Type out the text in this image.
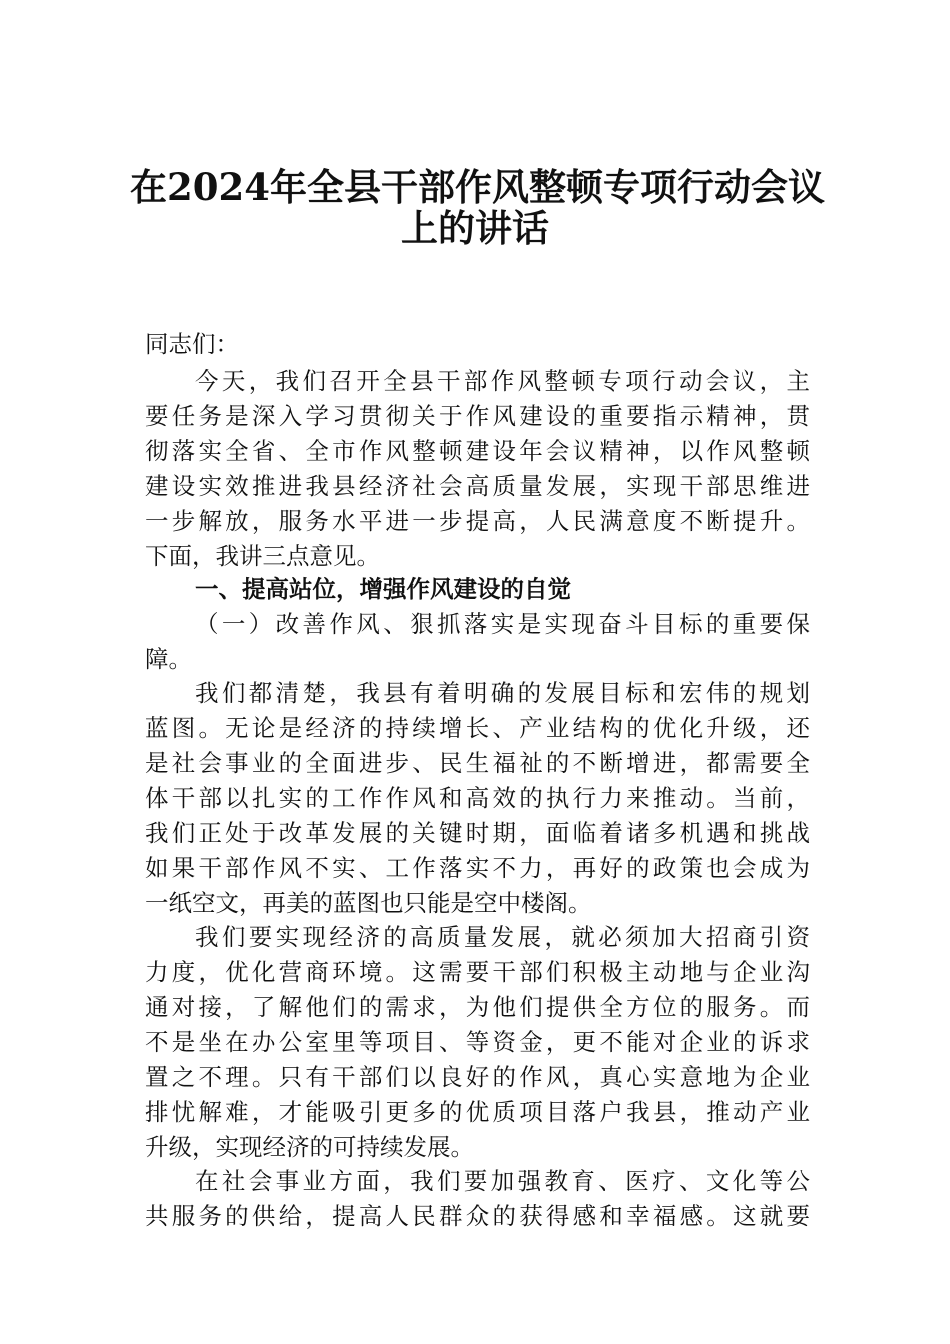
在2024年全县干部作风整顿专项行动会议
上的讲话
同志们：
今天，我们召开全县干部作风整顿专项行动会议，主
要任务是深入学习贯彻关于作风建设的重要指示精神，贯
彻落实全省、全市作风整顿建设年会议精神，以作风整顿
建设实效推进我县经济社会高质量发展，实现干部思维进
一步解放，服务水平进一步提高，人民满意度不断提升。
下面，我讲三点意见。
一、提高站位，增强作风建设的自觉
（一）改善作风、狠抓落实是实现奋斗目标的重要保
障。
我们都清楚，我县有着明确的发展目标和宏伟的规划
蓝图。无论是经济的持续增长、产业结构的优化升级，还
是社会事业的全面进步、民生福祉的不断增进，都需要全
体干部以扎实的工作作风和高效的执行力来推动。当前，
我们正处于改革发展的关键时期，面临着诸多机遇和挑战
如果干部作风不实、工作落实不力，再好的政策也会成为
一纸空文，再美的蓝图也只能是空中楼阁。
我们要实现经济的高质量发展，就必须加大招商引资
力度，优化营商环境。这需要干部们积极主动地与企业沟
通对接，了解他们的需求，为他们提供全方位的服务。而
不是坐在办公室里等项目、等资金，更不能对企业的诉求
置之不理。只有干部们以良好的作风，真心实意地为企业
排忧解难，才能吸引更多的优质项目落户我县，推动产业
升级，实现经济的可持续发展。
在社会事业方面，我们要加强教育、医疗、文化等公
共服务的供给，提高人民群众的获得感和幸福感。这就要
